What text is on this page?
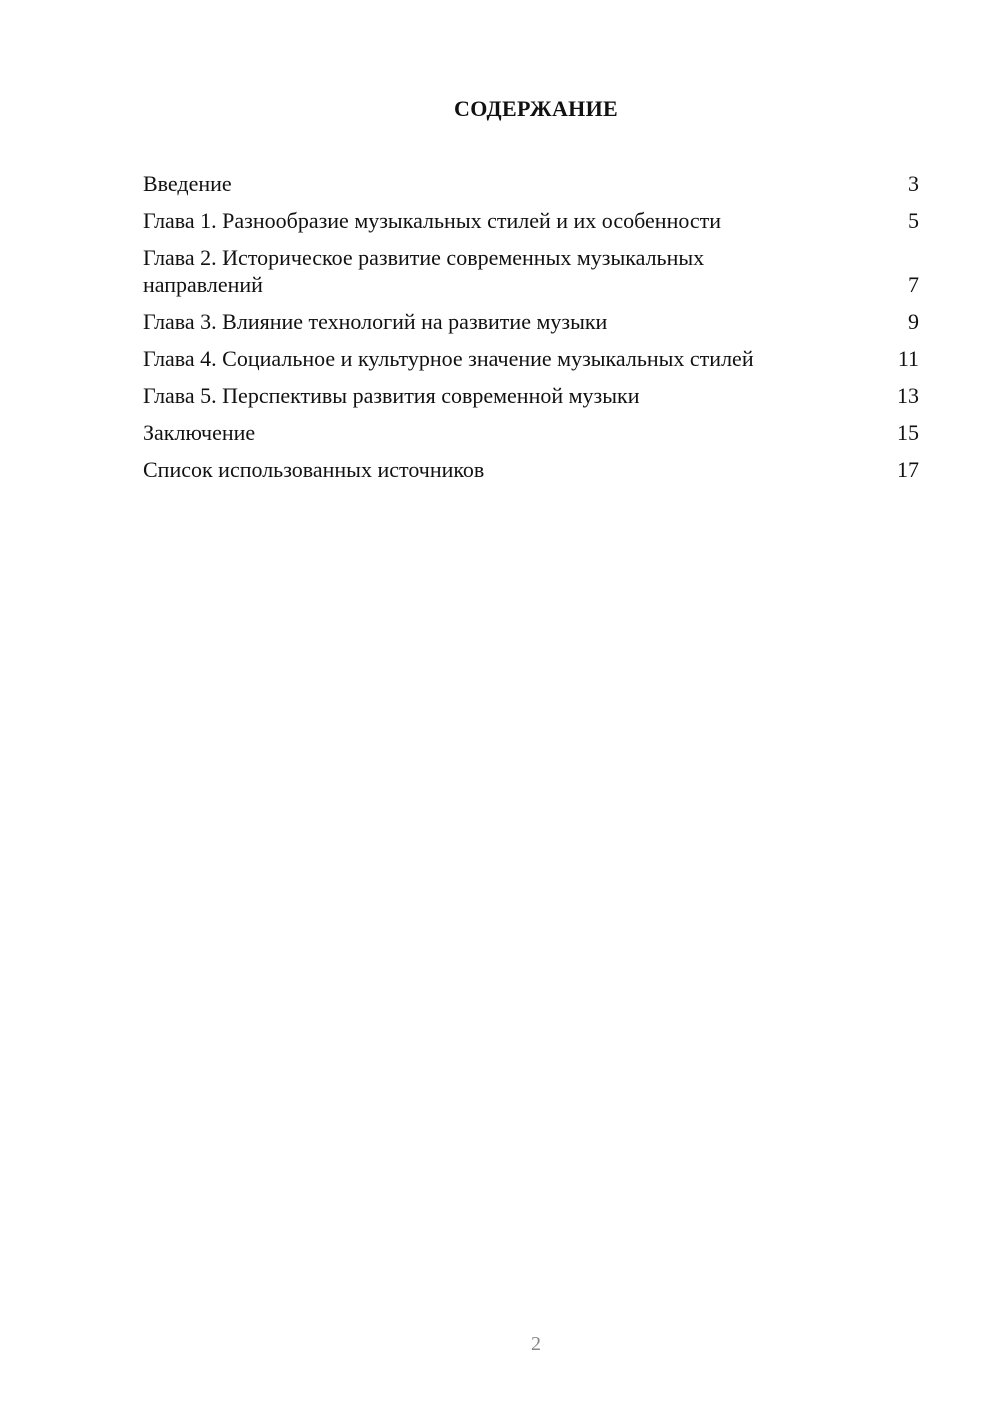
СОДЕРЖАНИЕ
Введение	3
Глава 1. Разнообразие музыкальных стилей и их особенности	5
Глава 2. Историческое развитие современных музыкальных направлений	7
Глава 3. Влияние технологий на развитие музыки	9
Глава 4. Социальное и культурное значение музыкальных стилей	11
Глава 5. Перспективы развития современной музыки	13
Заключение	15
Список использованных источников	17
2
